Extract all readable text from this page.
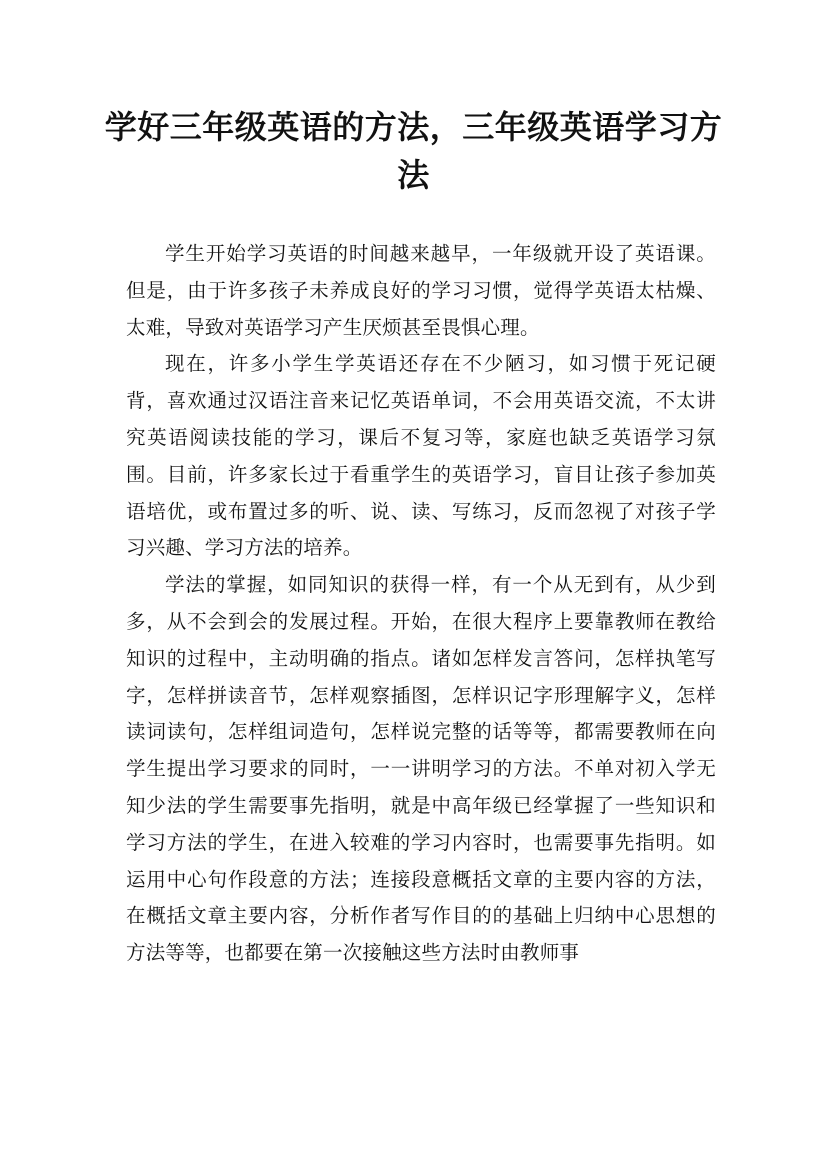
学好三年级英语的方法，三年级英语学习方法

学生开始学习英语的时间越来越早，一年级就开设了英语课。但是，由于许多孩子未养成良好的学习习惯，觉得学英语太枯燥、太难，导致对英语学习产生厌烦甚至畏惧心理。

现在，许多小学生学英语还存在不少陋习，如习惯于死记硬背，喜欢通过汉语注音来记忆英语单词，不会用英语交流，不太讲究英语阅读技能的学习，课后不复习等，家庭也缺乏英语学习氛围。目前，许多家长过于看重学生的英语学习，盲目让孩子参加英语培优，或布置过多的听、说、读、写练习，反而忽视了对孩子学习兴趣、学习方法的培养。

学法的掌握，如同知识的获得一样，有一个从无到有，从少到多，从不会到会的发展过程。开始，在很大程序上要靠教师在教给知识的过程中，主动明确的指点。诸如怎样发言答问，怎样执笔写字，怎样拼读音节，怎样观察插图，怎样识记字形理解字义，怎样读词读句，怎样组词造句，怎样说完整的话等等，都需要教师在向学生提出学习要求的同时，一一讲明学习的方法。不单对初入学无知少法的学生需要事先指明，就是中高年级已经掌握了一些知识和学习方法的学生，在进入较难的学习内容时，也需要事先指明。如运用中心句作段意的方法；连接段意概括文章的主要内容的方法，在概括文章主要内容，分析作者写作目的的基础上归纳中心思想的方法等等，也都要在第一次接触这些方法时由教师事
